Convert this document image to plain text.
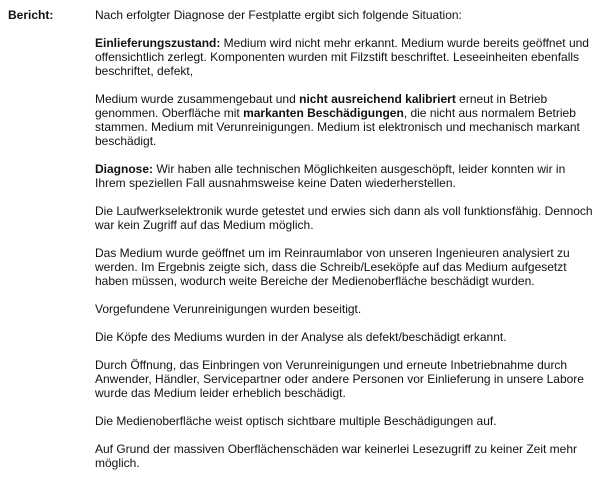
Bericht:	Nach erfolgter Diagnose der Festplatte ergibt sich folgende Situation:

Einlieferungszustand: Medium wird nicht mehr erkannt. Medium wurde bereits geöffnet und offensichtlich zerlegt. Komponenten wurden mit Filzstift beschriftet. Leseeinheiten ebenfalls beschriftet, defekt,

Medium wurde zusammengebaut und nicht ausreichend kalibriert erneut in Betrieb genommen. Oberfläche mit markanten Beschädigungen, die nicht aus normalem Betrieb stammen. Medium mit Verunreinigungen. Medium ist elektronisch und mechanisch markant beschädigt.

Diagnose: Wir haben alle technischen Möglichkeiten ausgeschöpft, leider konnten wir in Ihrem speziellen Fall ausnahmsweise keine Daten wiederherstellen.

Die Laufwerkselektronik wurde getestet und erwies sich dann als voll funktionsfähig. Dennoch war kein Zugriff auf das Medium möglich.

Das Medium wurde geöffnet um im Reinraumlabor von unseren Ingenieuren analysiert zu werden. Im Ergebnis zeigte sich, dass die Schreib/Leseköpfe auf das Medium aufgesetzt haben müssen, wodurch weite Bereiche der Medienoberfläche beschädigt wurden.

Vorgefundene Verunreinigungen wurden beseitigt.

Die Köpfe des Mediums wurden in der Analyse als defekt/beschädigt erkannt.

Durch Öffnung, das Einbringen von Verunreinigungen und erneute Inbetriebnahme durch Anwender, Händler, Servicepartner oder andere Personen vor Einlieferung in unsere Labore wurde das Medium leider erheblich beschädigt.

Die Medienoberfläche weist optisch sichtbare multiple Beschädigungen auf.

Auf Grund der massiven Oberflächenschäden war keinerlei Lesezugriff zu keiner Zeit mehr möglich.
